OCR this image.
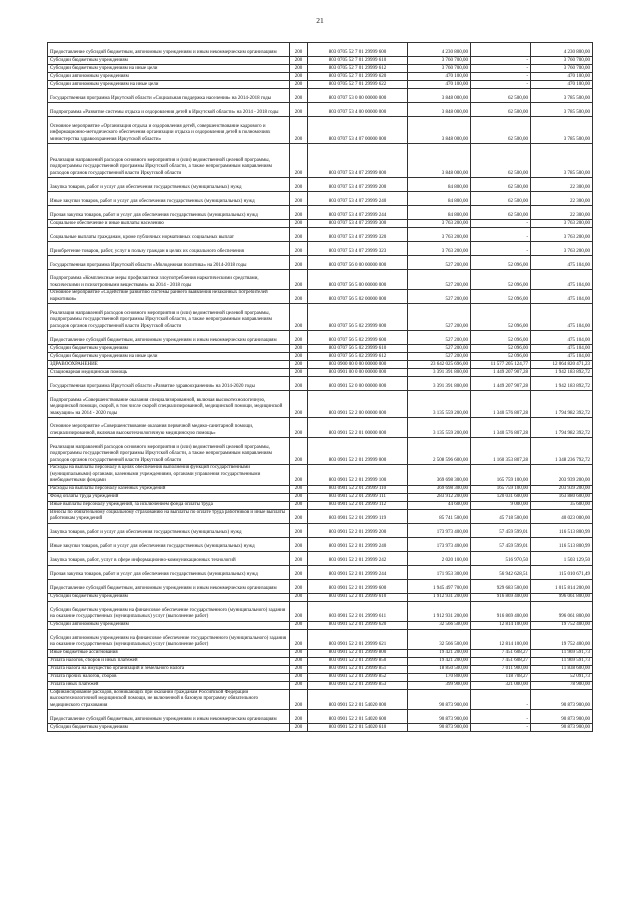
21
Предоставление субсидий бюджетным, автономным учреждениям и иным некоммерческим организациям	200	803 0705 52 7 01 29999 600	4 230 800,00		4 230 800,00
Субсидии бюджетным учреждениям	200	803 0705 52 7 01 29999 610	3 760 700,00	-	3 760 700,00
Субсидии бюджетным учреждениям на иные цели	200	803 0705 52 7 01 29999 612	3 760 700,00	-	3 760 700,00
Субсидии автономным учреждениям	200	803 0705 52 7 01 29999 620	470 100,00	-	470 100,00
Субсидии автономным учреждениям на иные цели	200	803 0705 52 7 01 29999 622	470 100,00	-	470 100,00
Государственная программа Иркутской области «Социальная поддержка населения» на 2014-2018 годы	200	803 0707 53 0 00 00000 000	3 848 000,00	62 500,00	3 785 500,00
Подпрограмма «Развитие системы отдыха и оздоровления детей в Иркутской области» на 2014 - 2018 годы	200	803 0707 53 4 00 00000 000	3 848 000,00	62 500,00	3 785 500,00
Основное мероприятие «Организация отдыха и оздоровления детей, совершенствование кадрового и информационно-методического обеспечения организации отдыха и оздоровления детей в полномочиях министерства здравоохранения Иркутской области»	200	803 0707 53 4 07 00000 000	3 848 000,00	62 500,00	3 785 500,00
Реализация направлений расходов основного мероприятия и (или) ведомственной целевой программы, подпрограммы государственной программы Иркутской области, а также непрограммным направлениям расходов органов государственной власти Иркутской области	200	803 0707 53 4 07 29999 000	3 848 000,00	62 500,00	3 785 500,00
Закупка товаров, работ и услуг для обеспечения государственных (муниципальных) нужд	200	803 0707 53 4 07 29999 200	84 800,00	62 500,00	22 300,00
Иные закупки товаров, работ и услуг для обеспечения государственных (муниципальных) нужд	200	803 0707 53 4 07 29999 240	84 800,00	62 500,00	22 300,00
Прочая закупка товаров, работ и услуг для обеспечения государственных (муниципальных) нужд	200	803 0707 53 4 07 29999 244	84 800,00	62 500,00	22 300,00
Социальное обеспечение и иные выплаты населению	200	803 0707 53 4 07 29999 300	3 763 200,00	-	3 763 200,00
Социальные выплаты гражданам, кроме публичных нормативных социальных выплат	200	803 0707 53 4 07 29999 320	3 763 200,00	-	3 763 200,00
Приобретение товаров, работ, услуг в пользу граждан в целях их социального обеспечения	200	803 0707 53 4 07 29999 323	3 763 200,00	-	3 763 200,00
Государственная программа Иркутской области «Молодежная политика» на 2014-2018 годы	200	803 0707 56 0 00 00000 000	527 200,00	52 096,00	475 104,00
Подпрограмма «Комплексные меры профилактики злоупотребления наркотическими средствами, токсическими и психотропными веществами» на 2014 - 2018 годы	200	803 0707 56 5 00 00000 000	527 200,00	52 096,00	475 104,00
Основное мероприятие «Содействие развитию системы раннего выявления незаконных потребителей наркотиков»	200	803 0707 56 5 02 00000 000	527 200,00	52 096,00	475 104,00
Реализация направлений расходов основного мероприятия и (или) ведомственной целевой программы, подпрограммы государственной программы Иркутской области, а также непрограммным направлениям расходов органов государственной власти Иркутской области	200	803 0707 56 5 02 29999 000	527 200,00	52 096,00	475 104,00
Предоставление субсидий бюджетным, автономным учреждениям и иным некоммерческим организациям	200	803 0707 56 5 02 29999 600	527 200,00	52 096,00	475 104,00
Субсидии бюджетным учреждениям	200	803 0707 56 5 02 29999 610	527 200,00	52 096,00	475 104,00
Субсидии бюджетным учреждениям на иные цели	200	803 0707 56 5 02 29999 612	527 200,00	52 096,00	475 104,00
ЗДРАВООХРАНЕНИЕ	200	803 0900 00 0 00 00000 000	23 642 025 696,00	11 577 205 124,77	12 064 820 471,23
Стационарная медицинская помощь	200	803 0901 00 0 00 00000 000	3 391 391 800,00	1 449 207 907,28	1 942 183 892,72
Государственная программа Иркутской области «Развитие здравоохранения» на 2014-2020 годы	200	803 0901 52 0 00 00000 000	3 391 391 800,00	1 449 207 907,28	1 942 183 892,72
Подпрограмма «Совершенствование оказания специализированной, включая высокотехнологичную, медицинской помощи, скорой, в том числе скорой специализированной, медицинской помощи, медицинской эвакуации» на 2014 - 2020 годы	200	803 0901 52 2 00 00000 000	3 135 559 200,00	1 340 576 807,28	1 794 982 392,72
Основное мероприятие «Совершенствование оказания первичной медико-санитарной помощи, специализированной, включая высокотехнологичную медицинскую помощь»	200	803 0901 52 2 01 00000 000	3 135 559 200,00	1 340 576 807,28	1 794 982 392,72
Реализация направлений расходов основного мероприятия и (или) ведомственной целевой программы, подпрограммы государственной программы Иркутской области, а также непрограммным направлениям расходов органов государственной власти Иркутской области	200	803 0901 52 2 01 29999 000	2 508 596 600,00	1 160 353 807,28	1 348 236 792,72
Расходы на выплаты персоналу в целях обеспечения выполнения функций государственными (муниципальными) органами, казенными учреждениями, органами управления государственными внебюджетными фондами	200	803 0901 52 2 01 29999 100	369 698 300,00	165 759 100,00	203 939 200,00
Расходы на выплаты персоналу казенных учреждений	200	803 0901 52 2 01 29999 110	369 698 300,00	165 759 100,00	203 939 200,00
Фонд оплаты труда учреждений	200	803 0901 52 2 01 29999 111	283 912 200,00	120 031 600,00	163 880 600,00
Иные выплаты персоналу учреждений, за исключением фонда оплаты труда	200	803 0901 52 2 01 29999 112	44 600,00	9 000,00	35 600,00
Взносы по обязательному социальному страхованию на выплаты по оплате труда работников и иные выплаты работникам учреждений	200	803 0901 52 2 01 29999 119	85 741 500,00	45 718 500,00	40 023 000,00
Закупка товаров, работ и услуг для обеспечения государственных (муниципальных) нужд	200	803 0901 52 2 01 29999 200	173 973 400,00	57 459 599,01	116 513 800,99
Иные закупки товаров, работ и услуг для обеспечения государственных (муниципальных) нужд	200	803 0901 52 2 01 29999 240	173 973 400,00	57 459 599,01	116 513 800,99
Закупка товаров, работ, услуг в сфере информационно-коммуникационных технологий	200	803 0901 52 2 01 29999 242	2 020 100,00	516 970,50	1 503 129,50
Прочая закупка товаров, работ и услуг для обеспечения государственных (муниципальных) нужд	200	803 0901 52 2 01 29999 244	171 953 300,00	56 942 628,51	115 010 671,49
Предоставление субсидий бюджетным, автономным учреждениям и иным некоммерческим организациям	200	803 0901 52 2 01 29999 600	1 945 497 700,00	929 683 500,00	1 015 814 200,00
Субсидии бюджетным учреждениям	200	803 0901 52 2 01 29999 610	1 912 931 200,00	916 869 400,00	996 061 800,00
Субсидии бюджетным учреждениям на финансовое обеспечение государственного (муниципального) задания на оказание государственных (муниципальных) услуг (выполнение работ)	200	803 0901 52 2 01 29999 611	1 912 931 200,00	916 869 400,00	996 061 800,00
Субсидии автономным учреждениям	200	803 0901 52 2 01 29999 620	32 566 500,00	12 814 100,00	19 752 400,00
Субсидии автономным учреждениям на финансовое обеспечение государственного (муниципального) задания на оказание государственных (муниципальных) услуг (выполнение работ)	200	803 0901 52 2 01 29999 621	32 566 500,00	12 814 100,00	19 752 400,00
Иные бюджетные ассигнования	200	803 0901 52 2 01 29999 800	19 421 200,00	7 451 608,27	11 969 591,73
Уплата налогов, сборов и иных платежей	200	803 0901 52 2 01 29999 850	19 421 200,00	7 451 608,27	11 969 591,73
Уплата налога на имущество организаций и земельного налога	200	803 0901 52 2 01 29999 851	18 850 500,00	7 011 900,00	11 838 600,00
Уплата прочих налогов, сборов	200	803 0901 52 2 01 29999 852	170 800,00	118 708,27	52 091,73
Уплата иных платежей	200	803 0901 52 2 01 29999 853	399 900,00	321 000,00	78 900,00
Софинансирование расходов, возникающих при оказании гражданам Российской Федерации высокотехнологичной медицинской помощи, не включенной в базовую программу обязательного медицинского страхования	200	803 0901 52 2 01 54020 000	90 873 900,00	-	90 873 900,00
Предоставление субсидий бюджетным, автономным учреждениям и иным некоммерческим организациям	200	803 0901 52 2 01 54020 600	90 873 900,00	-	90 873 900,00
Субсидии бюджетным учреждениям	200	803 0901 52 2 01 54020 610	90 873 900,00	-	90 873 900,00
